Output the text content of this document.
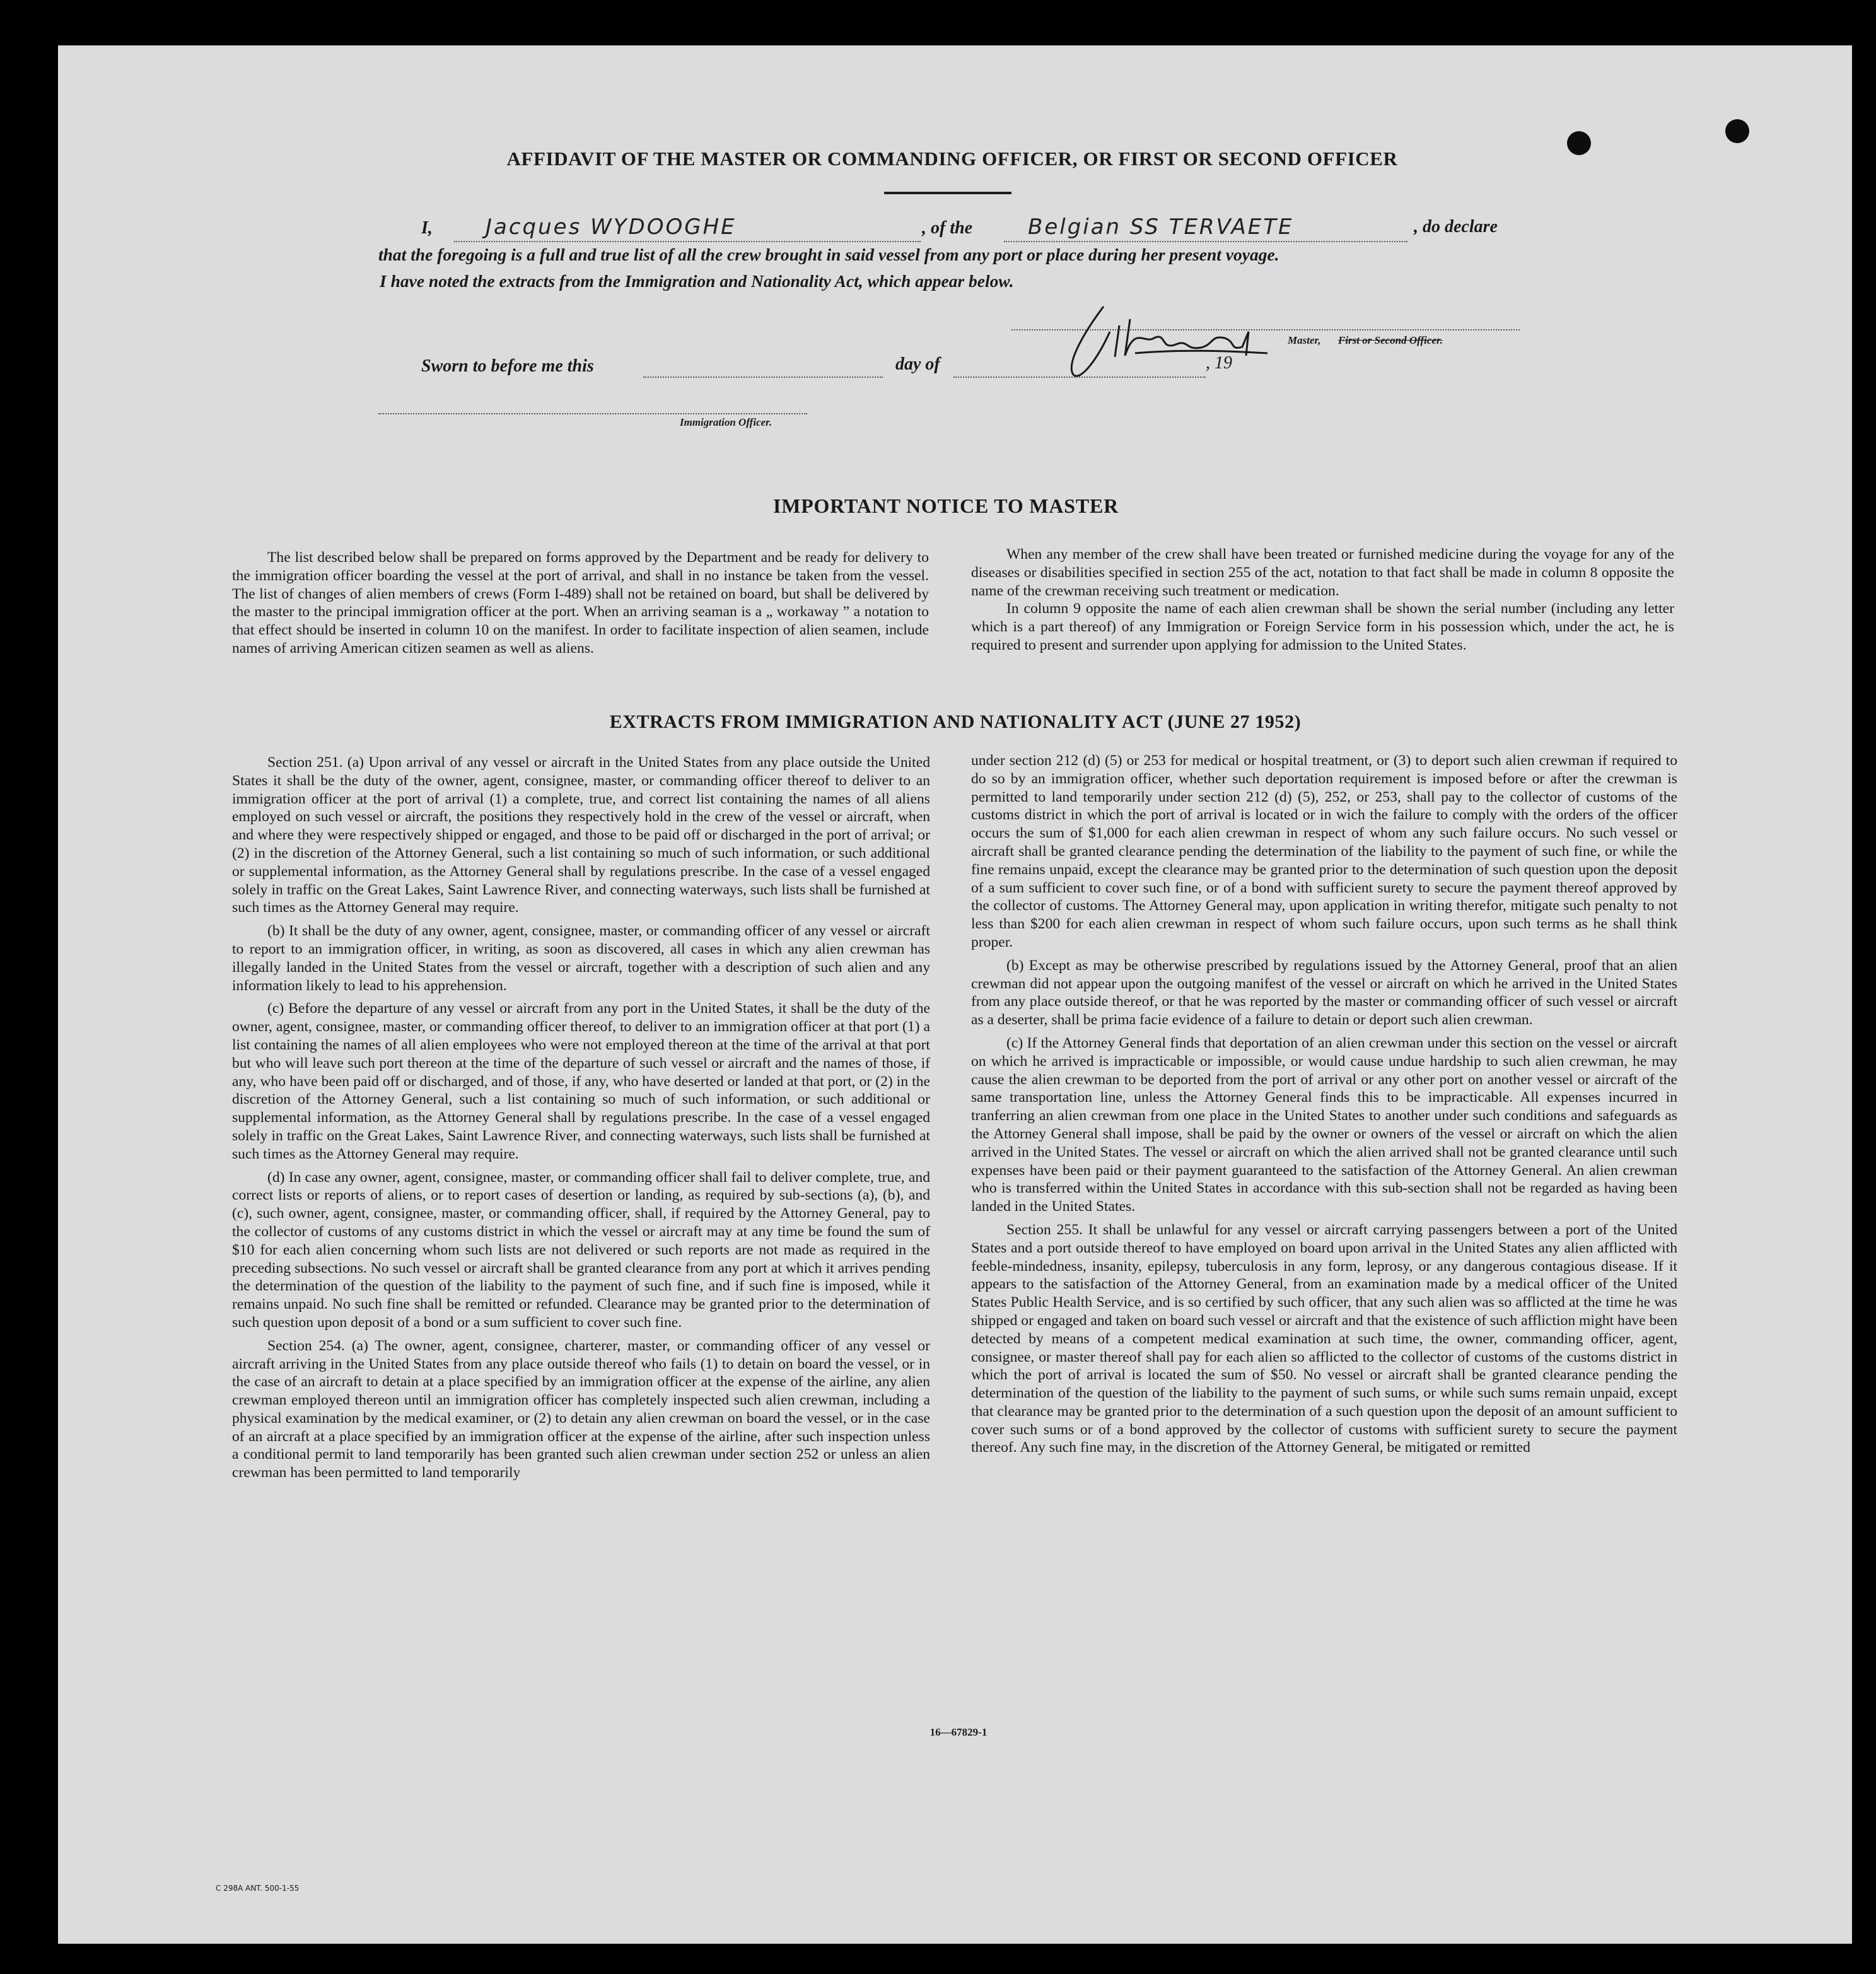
AFFIDAVIT OF THE MASTER OR COMMANDING OFFICER, OR FIRST OR SECOND OFFICER
I, Jacques WYDOOGHE	, of the	Belgian SS TERVAETE	, do declare
that the foregoing is a full and true list of all the crew brought in said vessel from any port or place during her present voyage.
I have noted the extracts from the Immigration and Nationality Act, which appear below.
Master, First or Second Officer.
Sworn to before me this	day of	, 19
Immigration Officer.
IMPORTANT NOTICE TO MASTER

The list described below shall be prepared on forms approved by the Department and be ready for delivery to the immigration officer boarding the vessel at the port of arrival, and shall in no instance be taken from the vessel. The list of changes of alien members of crews (Form I-489) shall not be retained on board, but shall be delivered by the master to the principal immigration officer at the port. When an arriving seaman is a „ workaway ” a notation to that effect should be inserted in column 10 on the manifest. In order to facilitate inspection of alien seamen, include names of arriving American citizen seamen as well as aliens.

When any member of the crew shall have been treated or furnished medicine during the voyage for any of the diseases or disabilities specified in section 255 of the act, notation to that fact shall be made in column 8 opposite the name of the crewman receiving such treatment or medication.

In column 9 opposite the name of each alien crewman shall be shown the serial number (including any letter which is a part thereof) of any Immigration or Foreign Service form in his possession which, under the act, he is required to present and surrender upon applying for admission to the United States.

EXTRACTS FROM IMMIGRATION AND NATIONALITY ACT (JUNE 27 1952)

Section 251. (a) Upon arrival of any vessel or aircraft in the United States from any place outside the United States it shall be the duty of the owner, agent, consignee, master, or commanding officer thereof to deliver to an immigration officer at the port of arrival (1) a complete, true, and correct list containing the names of all aliens employed on such vessel or aircraft, the positions they respectively hold in the crew of the vessel or aircraft, when and where they were respectively shipped or engaged, and those to be paid off or discharged in the port of arrival; or (2) in the discretion of the Attorney General, such a list containing so much of such information, or such additional or supplemental information, as the Attorney General shall by regulations prescribe. In the case of a vessel engaged solely in traffic on the Great Lakes, Saint Lawrence River, and connecting waterways, such lists shall be furnished at such times as the Attorney General may require.

(b) It shall be the duty of any owner, agent, consignee, master, or commanding officer of any vessel or aircraft to report to an immigration officer, in writing, as soon as discovered, all cases in which any alien crewman has illegally landed in the United States from the vessel or aircraft, together with a description of such alien and any information likely to lead to his apprehension.

(c) Before the departure of any vessel or aircraft from any port in the United States, it shall be the duty of the owner, agent, consignee, master, or commanding officer thereof, to deliver to an immigration officer at that port (1) a list containing the names of all alien employees who were not employed thereon at the time of the arrival at that port but who will leave such port thereon at the time of the departure of such vessel or aircraft and the names of those, if any, who have been paid off or discharged, and of those, if any, who have deserted or landed at that port, or (2) in the discretion of the Attorney General, such a list containing so much of such information, or such additional or supplemental information, as the Attorney General shall by regulations prescribe. In the case of a vessel engaged solely in traffic on the Great Lakes, Saint Lawrence River, and connecting waterways, such lists shall be furnished at such times as the Attorney General may require.

(d) In case any owner, agent, consignee, master, or commanding officer shall fail to deliver complete, true, and correct lists or reports of aliens, or to report cases of desertion or landing, as required by sub-sections (a), (b), and (c), such owner, agent, consignee, master, or commanding officer, shall, if required by the Attorney General, pay to the collector of customs of any customs district in which the vessel or aircraft may at any time be found the sum of $10 for each alien concerning whom such lists are not delivered or such reports are not made as required in the preceding subsections. No such vessel or aircraft shall be granted clearance from any port at which it arrives pending the determination of the question of the liability to the payment of such fine, and if such fine is imposed, while it remains unpaid. No such fine shall be remitted or refunded. Clearance may be granted prior to the determination of such question upon deposit of a bond or a sum sufficient to cover such fine.

Section 254. (a) The owner, agent, consignee, charterer, master, or commanding officer of any vessel or aircraft arriving in the United States from any place outside thereof who fails (1) to detain on board the vessel, or in the case of an aircraft to detain at a place specified by an immigration officer at the expense of the airline, any alien crewman employed thereon until an immigration officer has completely inspected such alien crewman, including a physical examination by the medical examiner, or (2) to detain any alien crewman on board the vessel, or in the case of an aircraft at a place specified by an immigration officer at the expense of the airline, after such inspection unless a conditional permit to land temporarily has been granted such alien crewman under section 252 or unless an alien crewman has been permitted to land temporarily

under section 212 (d) (5) or 253 for medical or hospital treatment, or (3) to deport such alien crewman if required to do so by an immigration officer, whether such deportation requirement is imposed before or after the crewman is permitted to land temporarily under section 212 (d) (5), 252, or 253, shall pay to the collector of customs of the customs district in which the port of arrival is located or in wich the failure to comply with the orders of the officer occurs the sum of $1,000 for each alien crewman in respect of whom any such failure occurs. No such vessel or aircraft shall be granted clearance pending the determination of the liability to the payment of such fine, or while the fine remains unpaid, except the clearance may be granted prior to the determination of such question upon the deposit of a sum sufficient to cover such fine, or of a bond with sufficient surety to secure the payment thereof approved by the collector of customs. The Attorney General may, upon application in writing therefor, mitigate such penalty to not less than $200 for each alien crewman in respect of whom such failure occurs, upon such terms as he shall think proper.

(b) Except as may be otherwise prescribed by regulations issued by the Attorney General, proof that an alien crewman did not appear upon the outgoing manifest of the vessel or aircraft on which he arrived in the United States from any place outside thereof, or that he was reported by the master or commanding officer of such vessel or aircraft as a deserter, shall be prima facie evidence of a failure to detain or deport such alien crewman.

(c) If the Attorney General finds that deportation of an alien crewman under this section on the vessel or aircraft on which he arrived is impracticable or impossible, or would cause undue hardship to such alien crewman, he may cause the alien crewman to be deported from the port of arrival or any other port on another vessel or aircraft of the same transportation line, unless the Attorney General finds this to be impracticable. All expenses incurred in tranferring an alien crewman from one place in the United States to another under such conditions and safeguards as the Attorney General shall impose, shall be paid by the owner or owners of the vessel or aircraft on which the alien arrived in the United States. The vessel or aircraft on which the alien arrived shall not be granted clearance until such expenses have been paid or their payment guaranteed to the satisfaction of the Attorney General. An alien crewman who is transferred within the United States in accordance with this sub-section shall not be regarded as having been landed in the United States.

Section 255. It shall be unlawful for any vessel or aircraft carrying passengers between a port of the United States and a port outside thereof to have employed on board upon arrival in the United States any alien afflicted with feeble-mindedness, insanity, epilepsy, tuberculosis in any form, leprosy, or any dangerous contagious disease. If it appears to the satisfaction of the Attorney General, from an examination made by a medical officer of the United States Public Health Service, and is so certified by such officer, that any such alien was so afflicted at the time he was shipped or engaged and taken on board such vessel or aircraft and that the existence of such affliction might have been detected by means of a competent medical examination at such time, the owner, commanding officer, agent, consignee, or master thereof shall pay for each alien so afflicted to the collector of customs of the customs district in which the port of arrival is located the sum of $50. No vessel or aircraft shall be granted clearance pending the determination of the question of the liability to the payment of such sums, or while such sums remain unpaid, except that clearance may be granted prior to the determination of a such question upon the deposit of an amount sufficient to cover such sums or of a bond approved by the collector of customs with sufficient surety to secure the payment thereof. Any such fine may, in the discretion of the Attorney General, be mitigated or remitted

16—67829-1
C 298A ANT. 500-1-55
